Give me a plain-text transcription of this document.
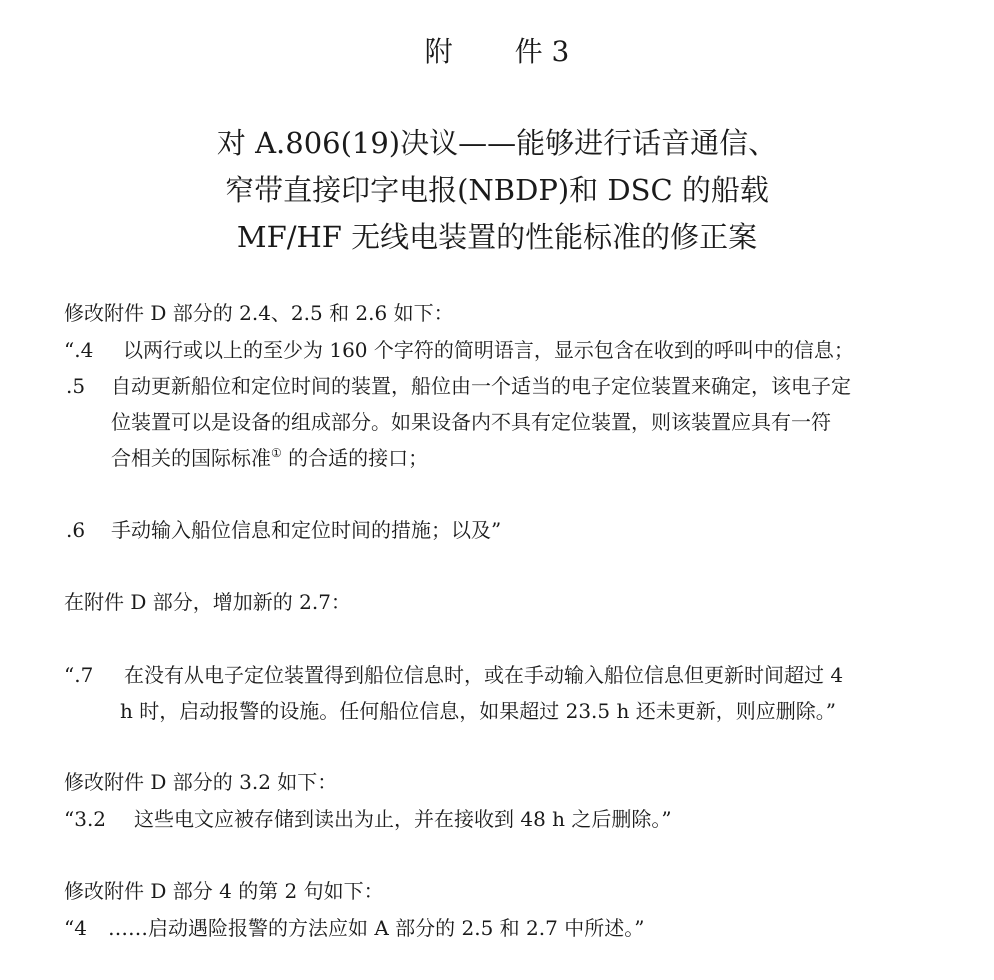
附 件 3
对 A.806(19)决议——能够进行话音通信、
窄带直接印字电报(NBDP)和 DSC 的船载
MF/HF 无线电装置的性能标准的修正案
修改附件 D 部分的 2.4、2.5 和 2.6 如下：
“.4 以两行或以上的至少为 160 个字符的简明语言，显示包含在收到的呼叫中的信息；
.5 自动更新船位和定位时间的装置，船位由一个适当的电子定位装置来确定，该电子定
位装置可以是设备的组成部分。如果设备内不具有定位装置，则该装置应具有一符
合相关的国际标准① 的合适的接口；
.6 手动输入船位信息和定位时间的措施；以及”
在附件 D 部分，增加新的 2.7：
“.7 在没有从电子定位装置得到船位信息时，或在手动输入船位信息但更新时间超过 4
h 时，启动报警的设施。任何船位信息，如果超过 23.5 h 还未更新，则应删除。”
修改附件 D 部分的 3.2 如下：
“3.2 这些电文应被存储到读出为止，并在接收到 48 h 之后删除。”
修改附件 D 部分 4 的第 2 句如下：
“4 ……启动遇险报警的方法应如 A 部分的 2.5 和 2.7 中所述。”
